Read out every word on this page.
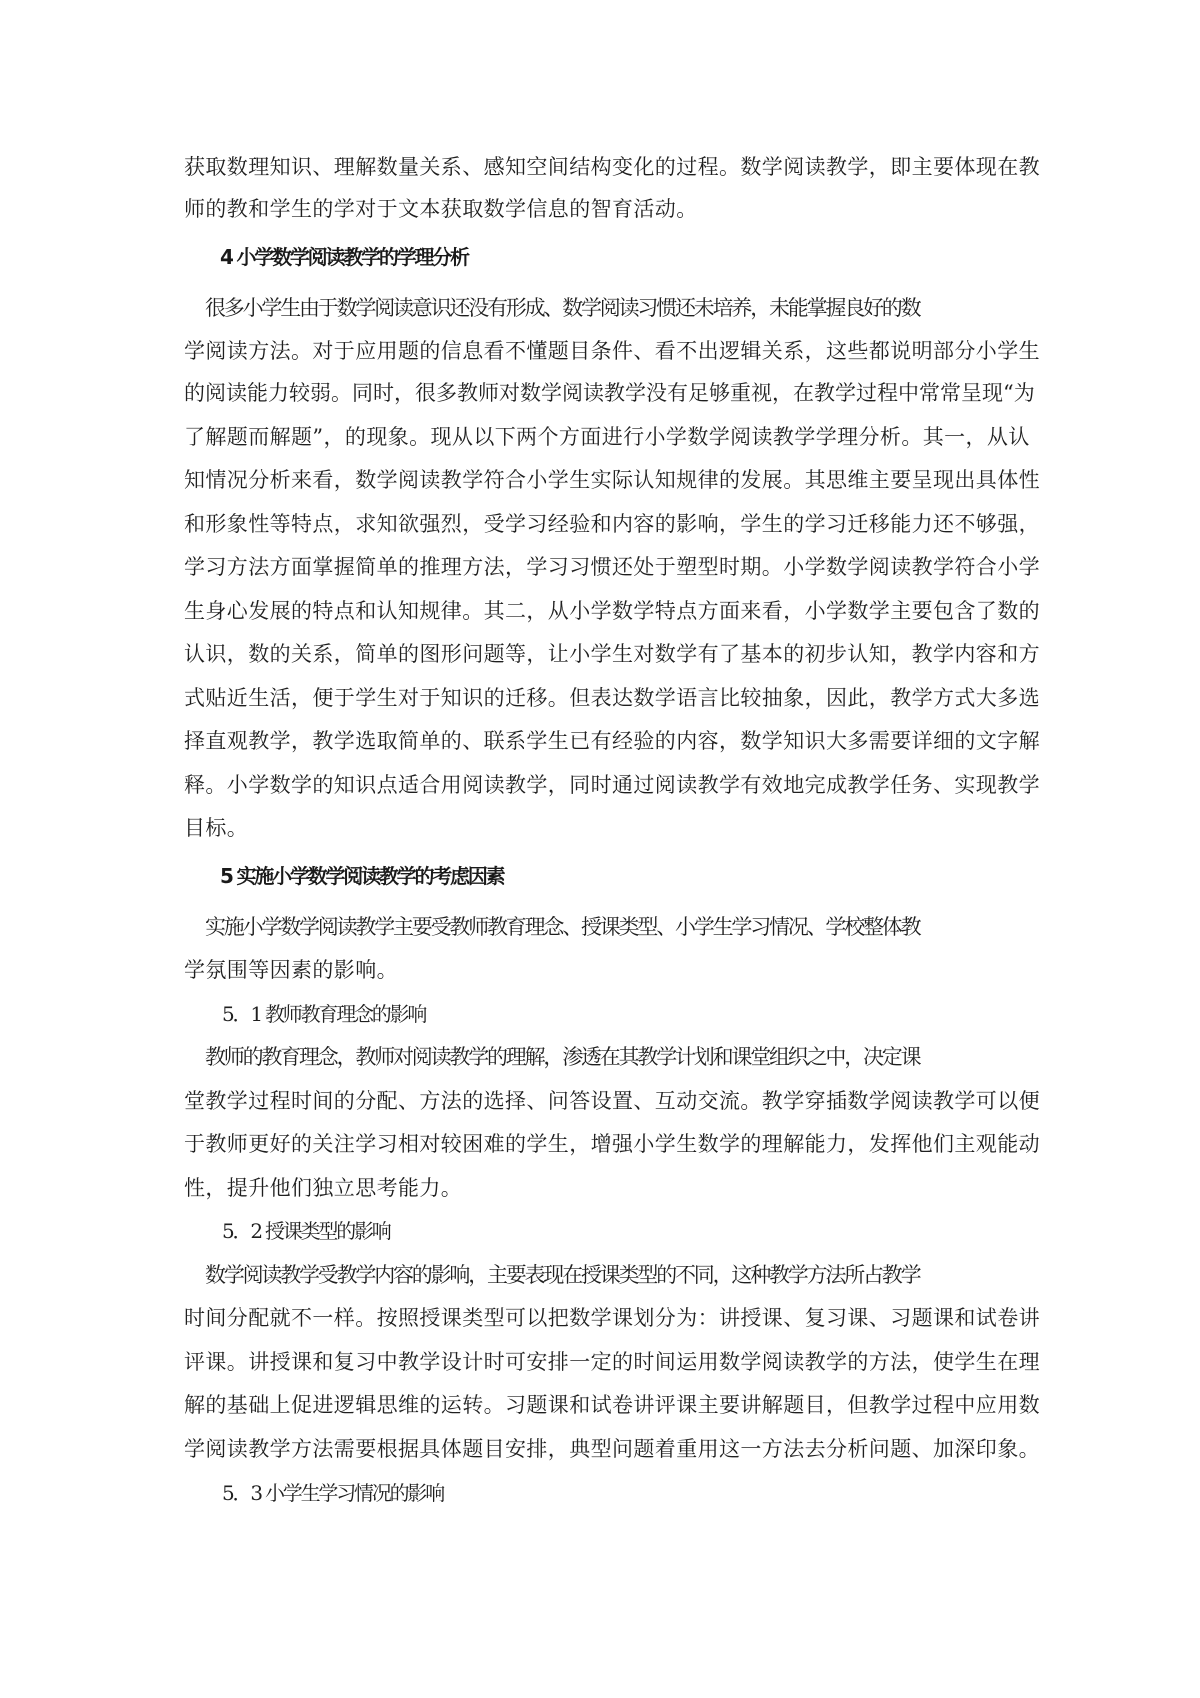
获取数理知识、理解数量关系、感知空间结构变化的过程。数学阅读教学，即主要体现在教
师的教和学生的学对于文本获取数学信息的智育活动。
4 小学数学阅读教学的学理分析
很多小学生由于数学阅读意识还没有形成、数学阅读习惯还未培养，未能掌握良好的数
学阅读方法。对于应用题的信息看不懂题目条件、看不出逻辑关系，这些都说明部分小学生
的阅读能力较弱。同时，很多教师对数学阅读教学没有足够重视，在教学过程中常常呈现“为
了解题而解题”，的现象。现从以下两个方面进行小学数学阅读教学学理分析。其一，从认
知情况分析来看，数学阅读教学符合小学生实际认知规律的发展。其思维主要呈现出具体性
和形象性等特点，求知欲强烈，受学习经验和内容的影响，学生的学习迁移能力还不够强，
学习方法方面掌握简单的推理方法，学习习惯还处于塑型时期。小学数学阅读教学符合小学
生身心发展的特点和认知规律。其二，从小学数学特点方面来看，小学数学主要包含了数的
认识，数的关系，简单的图形问题等，让小学生对数学有了基本的初步认知，教学内容和方
式贴近生活，便于学生对于知识的迁移。但表达数学语言比较抽象，因此，教学方式大多选
择直观教学，教学选取简单的、联系学生已有经验的内容，数学知识大多需要详细的文字解
释。小学数学的知识点适合用阅读教学，同时通过阅读教学有效地完成教学任务、实现教学
目标。
5 实施小学数学阅读教学的考虑因素
实施小学数学阅读教学主要受教师教育理念、授课类型、小学生学习情况、学校整体教
学氛围等因素的影响。
5．1 教师教育理念的影响
教师的教育理念，教师对阅读教学的理解，渗透在其教学计划和课堂组织之中，决定课
堂教学过程时间的分配、方法的选择、问答设置、互动交流。教学穿插数学阅读教学可以便
于教师更好的关注学习相对较困难的学生，增强小学生数学的理解能力，发挥他们主观能动
性，提升他们独立思考能力。
5．2 授课类型的影响
数学阅读教学受教学内容的影响，主要表现在授课类型的不同，这种教学方法所占教学
时间分配就不一样。按照授课类型可以把数学课划分为：讲授课、复习课、习题课和试卷讲
评课。讲授课和复习中教学设计时可安排一定的时间运用数学阅读教学的方法，使学生在理
解的基础上促进逻辑思维的运转。习题课和试卷讲评课主要讲解题目，但教学过程中应用数
学阅读教学方法需要根据具体题目安排，典型问题着重用这一方法去分析问题、加深印象。
5．3 小学生学习情况的影响
